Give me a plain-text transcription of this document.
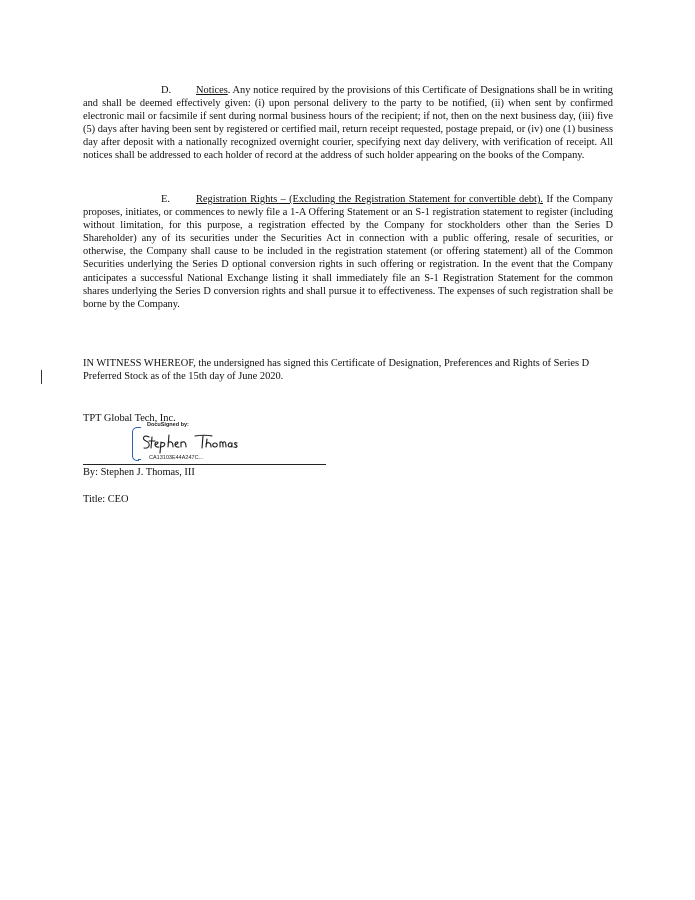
D. Notices. Any notice required by the provisions of this Certificate of Designations shall be in writing and shall be deemed effectively given: (i) upon personal delivery to the party to be notified, (ii) when sent by confirmed electronic mail or facsimile if sent during normal business hours of the recipient; if not, then on the next business day, (iii) five (5) days after having been sent by registered or certified mail, return receipt requested, postage prepaid, or (iv) one (1) business day after deposit with a nationally recognized overnight courier, specifying next day delivery, with verification of receipt. All notices shall be addressed to each holder of record at the address of such holder appearing on the books of the Company.

E.	Registration Rights – (Excluding the Registration Statement for convertible debt). If the Company proposes, initiates, or commences to newly file a 1-A Offering Statement or an S-1 registration statement to register (including without limitation, for this purpose, a registration effected by the Company for stockholders other than the Series D Shareholder) any of its securities under the Securities Act in connection with a public offering, resale of securities, or otherwise, the Company shall cause to be included in the registration statement (or offering statement) all of the Common Securities underlying the Series D optional conversion rights in such offering or registration. In the event that the Company anticipates a successful National Exchange listing it shall immediately file an S-1 Registration Statement for the common shares underlying the Series D conversion rights and shall pursue it to effectiveness. The expenses of such registration shall be borne by the Company.

IN WITNESS WHEREOF, the undersigned has signed this Certificate of Designation, Preferences and Rights of Series D Preferred Stock as of the 15th day of June 2020.

TPT Global Tech, Inc.
DocuSigned by:
CA13103E44A247C...
By: Stephen J. Thomas, III
Title: CEO
